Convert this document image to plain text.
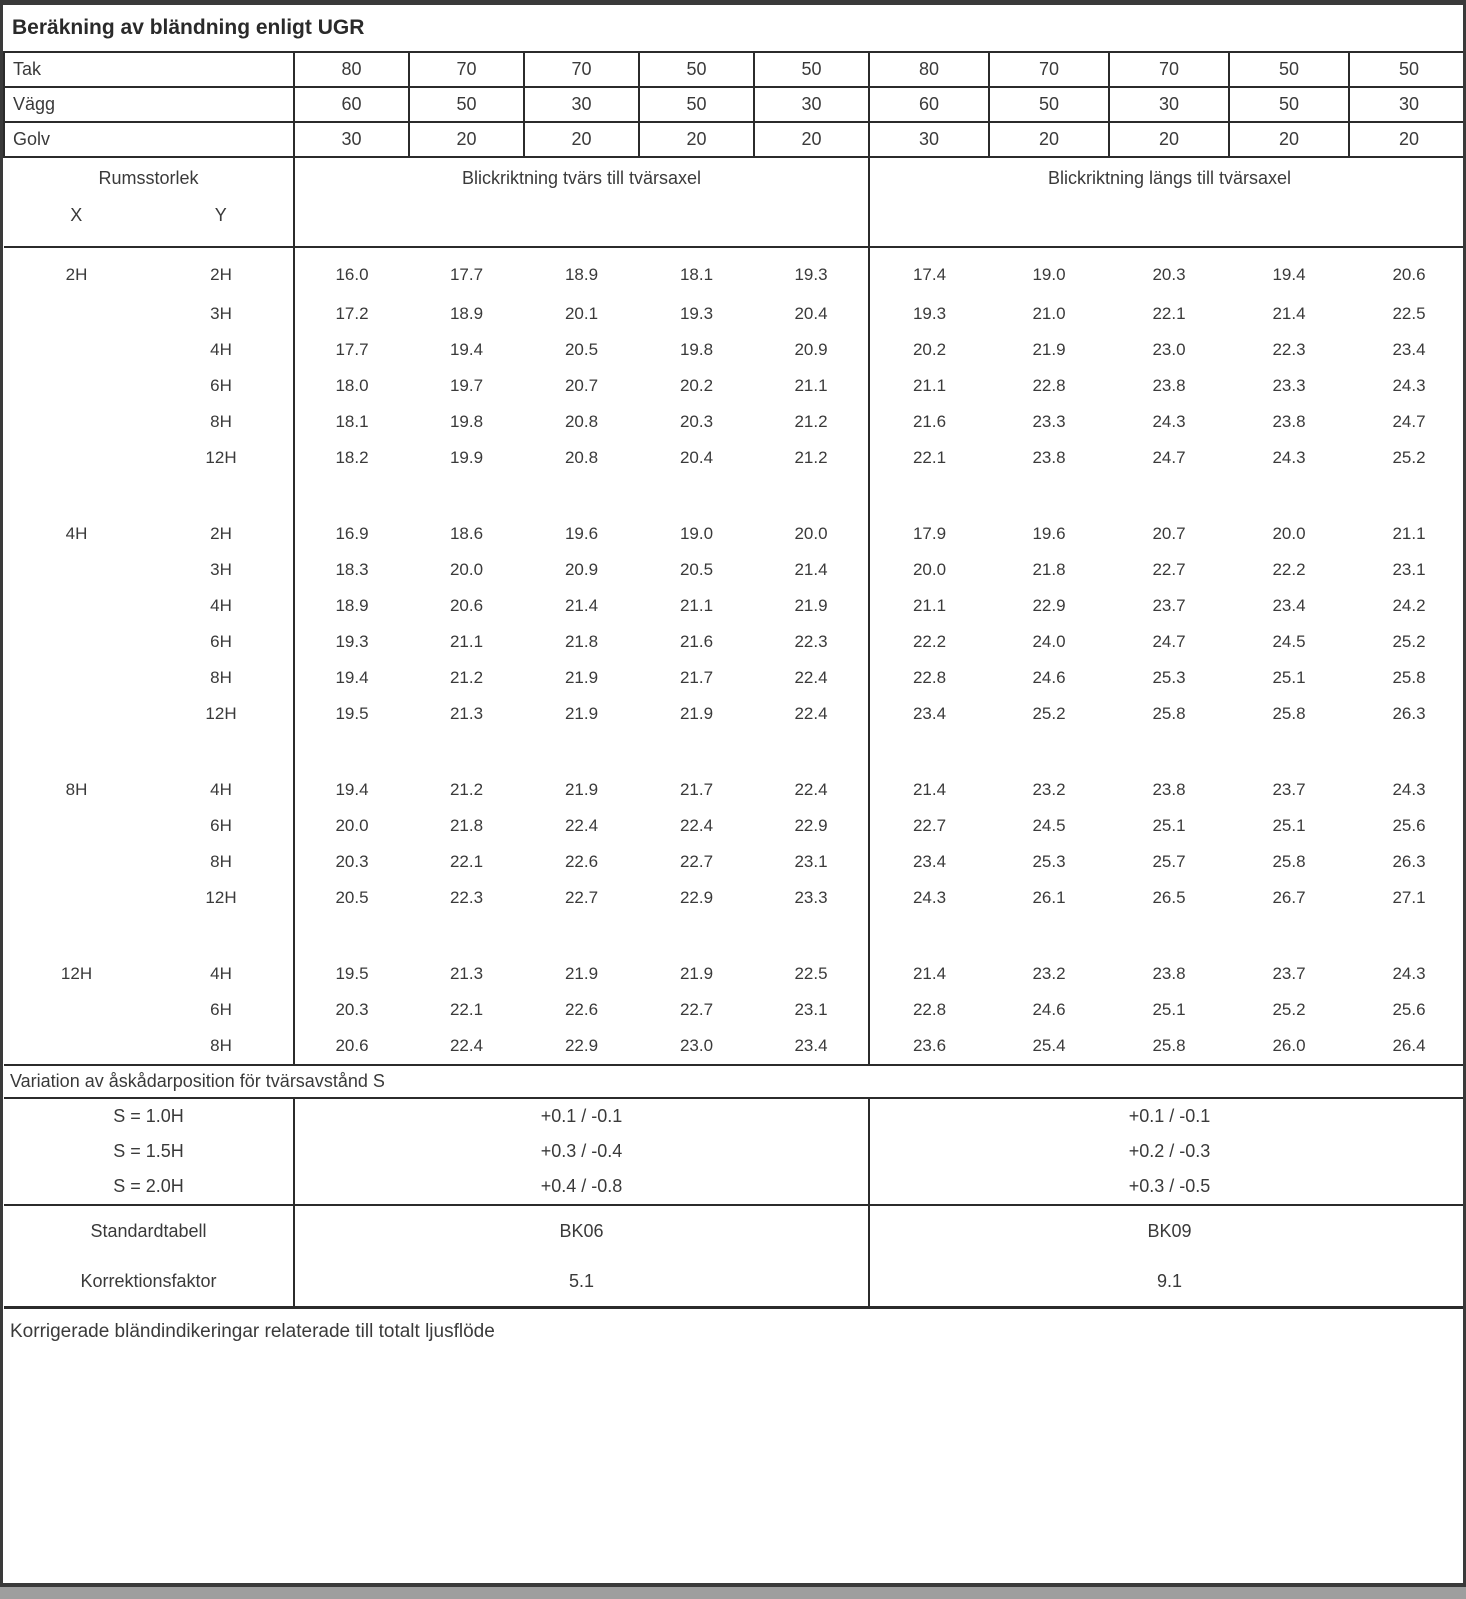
Beräkning av bländning enligt UGR											
Tak		80	70	70	50	50	80	70	70	50	50
Vägg		60	50	30	50	30	60	50	30	50	30
Golv		30	20	20	20	20	30	20	20	20	20

Rumsstorlek
X Y		Blickriktning tvärs till tvärsaxel					Blickriktning längs till tvärsaxel				
2H	2H	16.0	17.7	18.9	18.1	19.3	17.4	19.0	20.3	19.4	20.6
	3H	17.2	18.9	20.1	19.3	20.4	19.3	21.0	22.1	21.4	22.5
	4H	17.7	19.4	20.5	19.8	20.9	20.2	21.9	23.0	22.3	23.4
	6H	18.0	19.7	20.7	20.2	21.1	21.1	22.8	23.8	23.3	24.3
	8H	18.1	19.8	20.8	20.3	21.2	21.6	23.3	24.3	23.8	24.7
	12H	18.2	19.9	20.8	20.4	21.2	22.1	23.8	24.7	24.3	25.2

4H	2H	16.9	18.6	19.6	19.0	20.0	17.9	19.6	20.7	20.0	21.1
	3H	18.3	20.0	20.9	20.5	21.4	20.0	21.8	22.7	22.2	23.1
	4H	18.9	20.6	21.4	21.1	21.9	21.1	22.9	23.7	23.4	24.2
	6H	19.3	21.1	21.8	21.6	22.3	22.2	24.0	24.7	24.5	25.2
	8H	19.4	21.2	21.9	21.7	22.4	22.8	24.6	25.3	25.1	25.8
	12H	19.5	21.3	21.9	21.9	22.4	23.4	25.2	25.8	25.8	26.3

8H	4H	19.4	21.2	21.9	21.7	22.4	21.4	23.2	23.8	23.7	24.3
	6H	20.0	21.8	22.4	22.4	22.9	22.7	24.5	25.1	25.1	25.6
	8H	20.3	22.1	22.6	22.7	23.1	23.4	25.3	25.7	25.8	26.3
	12H	20.5	22.3	22.7	22.9	23.3	24.3	26.1	26.5	26.7	27.1

12H	4H	19.5	21.3	21.9	21.9	22.5	21.4	23.2	23.8	23.7	24.3
	6H	20.3	22.1	22.6	22.7	23.1	22.8	24.6	25.1	25.2	25.6
	8H	20.6	22.4	22.9	23.0	23.4	23.6	25.4	25.8	26.0	26.4
Variation av åskådarposition för tvärsavstånd S											
S = 1.0H		+0.1 / -0.1					+0.1 / -0.1				
S = 1.5H		+0.3 / -0.4					+0.2 / -0.3				
S = 2.0H		+0.4 / -0.8					+0.3 / -0.5				
Standardtabell		BK06					BK09				
Korrektionsfaktor		5.1					9.1				
Korrigerade bländindikeringar relaterade till totalt ljusflöde											
